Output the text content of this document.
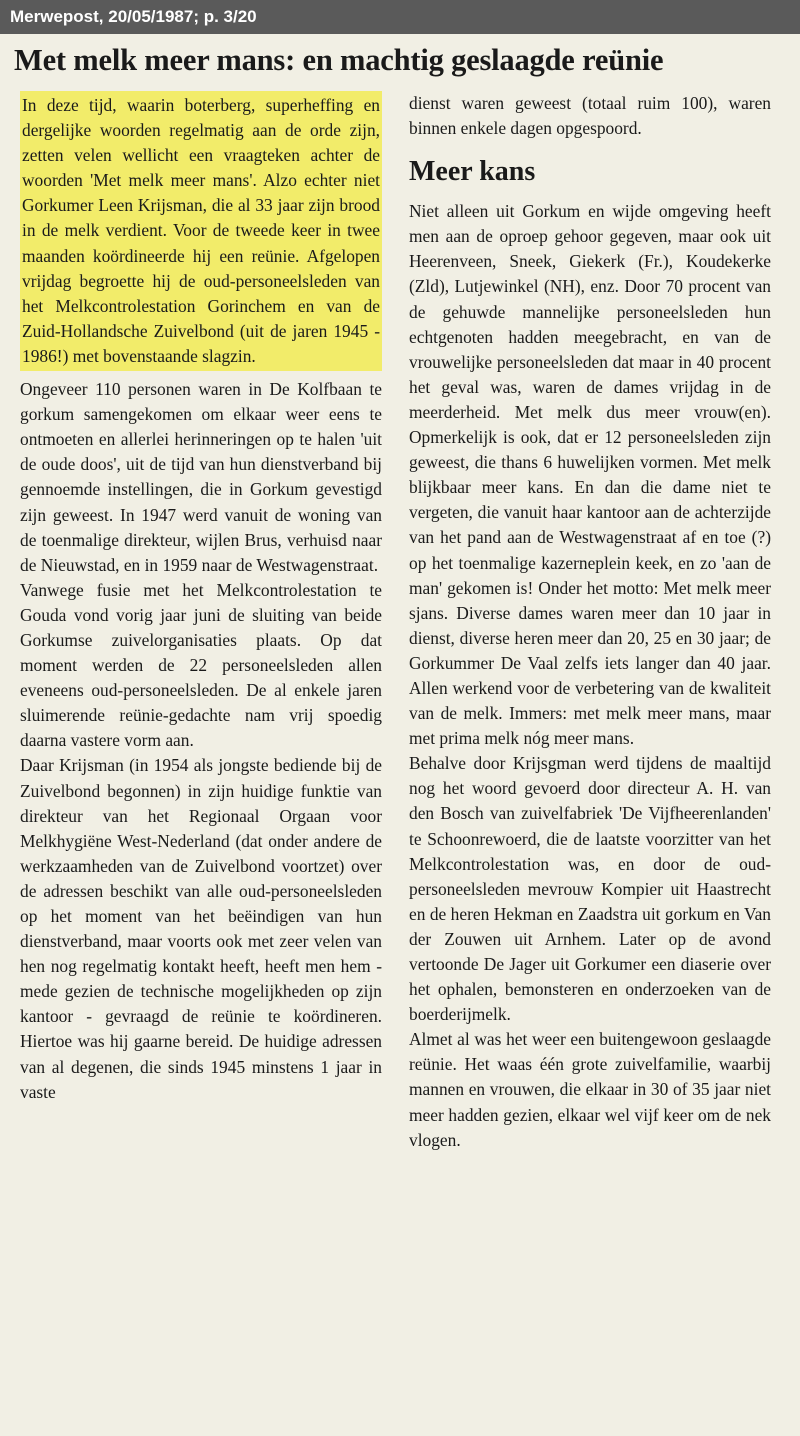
Merwepost, 20/05/1987; p. 3/20
Met melk meer mans: en machtig geslaagde reünie

In deze tijd, waarin boterberg, superheffing en dergelijke woorden regelmatig aan de orde zijn, zetten velen wellicht een vraagteken achter de woorden 'Met melk meer mans'. Alzo echter niet Gorkumer Leen Krijsman, die al 33 jaar zijn brood in de melk verdient. Voor de tweede keer in twee maanden koördineerde hij een reünie. Afgelopen vrijdag begroette hij de oud-personeelsleden van het Melkcontrolestation Gorinchem en van de Zuid-Hollandsche Zuivelbond (uit de jaren 1945 - 1986!) met bovenstaande slagzin.

Ongeveer 110 personen waren in De Kolfbaan te gorkum samengekomen om elkaar weer eens te ontmoeten en allerlei herinneringen op te halen 'uit de oude doos', uit de tijd van hun dienstverband bij gennoemde instellingen, die in Gorkum gevestigd zijn geweest. In 1947 werd vanuit de woning van de toenmalige direkteur, wijlen Brus, verhuisd naar de Nieuwstad, en in 1959 naar de Westwagenstraat.

Vanwege fusie met het Melkcontrolestation te Gouda vond vorig jaar juni de sluiting van beide Gorkumse zuivelorganisaties plaats. Op dat moment werden de 22 personeelsleden allen eveneens oud-personeelsleden. De al enkele jaren sluimerende reünie-gedachte nam vrij spoedig daarna vastere vorm aan.

Daar Krijsman (in 1954 als jongste bediende bij de Zuivelbond begonnen) in zijn huidige funktie van direkteur van het Regionaal Orgaan voor Melkhygiëne West-Nederland (dat onder andere de werkzaamheden van de Zuivelbond voortzet) over de adressen beschikt van alle oud-personeelsleden op het moment van het beëindigen van hun dienstverband, maar voorts ook met zeer velen van hen nog regelmatig kontakt heeft, heeft men hem - mede gezien de technische mogelijkheden op zijn kantoor - gevraagd de reünie te koördineren. Hiertoe was hij gaarne bereid. De huidige adressen van al degenen, die sinds 1945 minstens 1 jaar in vaste

dienst waren geweest (totaal ruim 100), waren binnen enkele dagen opgespoord.

Meer kans

Niet alleen uit Gorkum en wijde omgeving heeft men aan de oproep gehoor gegeven, maar ook uit Heerenveen, Sneek, Giekerk (Fr.), Koudekerke (Zld), Lutjewinkel (NH), enz. Door 70 procent van de gehuwde mannelijke personeelsleden hun echtgenoten hadden meegebracht, en van de vrouwelijke personeelsleden dat maar in 40 procent het geval was, waren de dames vrijdag in de meerderheid. Met melk dus meer vrouw(en). Opmerkelijk is ook, dat er 12 personeelsleden zijn geweest, die thans 6 huwelijken vormen. Met melk blijkbaar meer kans. En dan die dame niet te vergeten, die vanuit haar kantoor aan de achterzijde van het pand aan de Westwagenstraat af en toe (?) op het toenmalige kazerneplein keek, en zo 'aan de man' gekomen is! Onder het motto: Met melk meer sjans. Diverse dames waren meer dan 10 jaar in dienst, diverse heren meer dan 20, 25 en 30 jaar; de Gorkummer De Vaal zelfs iets langer dan 40 jaar. Allen werkend voor de verbetering van de kwaliteit van de melk. Immers: met melk meer mans, maar met prima melk nóg meer mans.

Behalve door Krijsgman werd tijdens de maaltijd nog het woord gevoerd door directeur A. H. van den Bosch van zuivelfabriek 'De Vijfheerenlanden' te Schoonrewoerd, die de laatste voorzitter van het Melkcontrolestation was, en door de oud-personeelsleden mevrouw Kompier uit Haastrecht en de heren Hekman en Zaadstra uit gorkum en Van der Zouwen uit Arnhem. Later op de avond vertoonde De Jager uit Gorkumer een diaserie over het ophalen, bemonsteren en onderzoeken van de boerderijmelk.

Almet al was het weer een buitengewoon geslaagde reünie. Het waas één grote zuivelfamilie, waarbij mannen en vrouwen, die elkaar in 30 of 35 jaar niet meer hadden gezien, elkaar wel vijf keer om de nek vlogen.
